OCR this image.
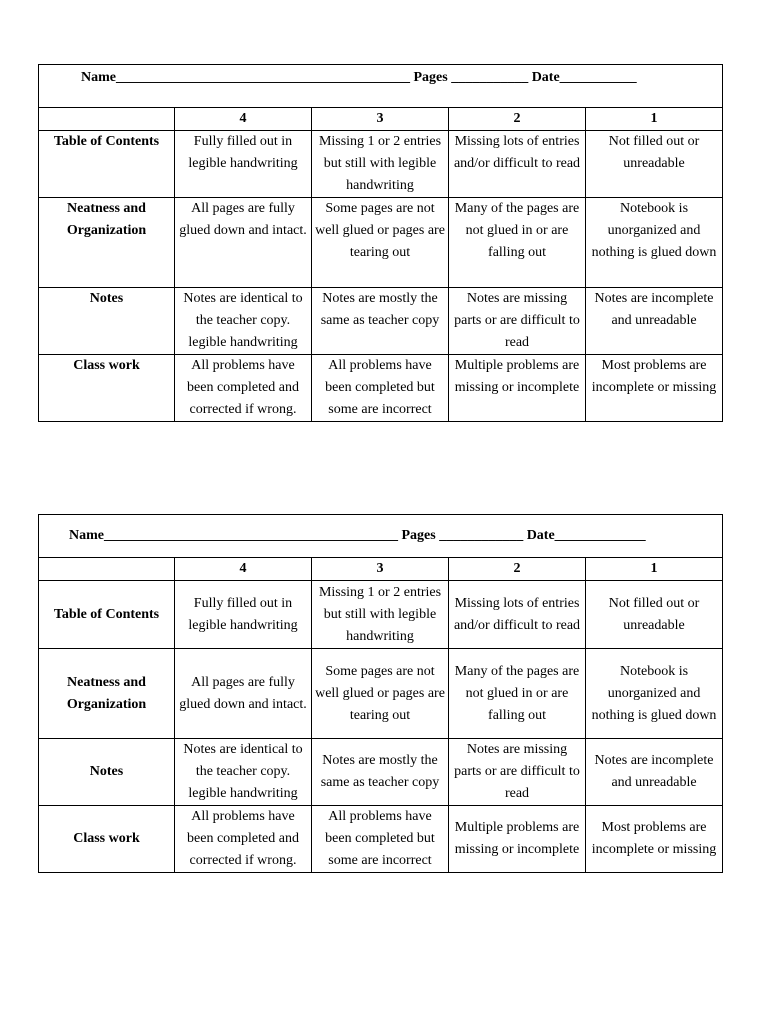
Name__________________________________________ Pages ___________ Date___________				

	4	3	2	1
Table of Contents	Fully filled out in legible handwriting	Missing 1 or 2 entries but still with legible handwriting	Missing lots of entries and/or difficult to read	Not filled out or unreadable
Neatness and Organization	All pages are fully glued down and intact.	Some pages are not well glued or pages are tearing out	Many of the pages are not glued in or are falling out	Notebook is unorganized and nothing is glued down
Notes	Notes are identical to the teacher copy. legible handwriting	Notes are mostly the same as teacher copy	Notes are missing parts or are difficult to read	Notes are incomplete and unreadable
Class work	All problems have been completed and corrected if wrong.	All problems have been completed but some are incorrect	Multiple problems are missing or incomplete	Most problems are incomplete or missing
Name__________________________________________ Pages ____________ Date_____________				

	4	3	2	1
Table of Contents	Fully filled out in legible handwriting	Missing 1 or 2 entries but still with legible handwriting	Missing lots of entries and/or difficult to read	Not filled out or unreadable
Neatness and Organization	All pages are fully glued down and intact.	Some pages are not well glued or pages are tearing out	Many of the pages are not glued in or are falling out	Notebook is unorganized and nothing is glued down
Notes	Notes are identical to the teacher copy. legible handwriting	Notes are mostly the same as teacher copy	Notes are missing parts or are difficult to read	Notes are incomplete and unreadable
Class work	All problems have been completed and corrected if wrong.	All problems have been completed but some are incorrect	Multiple problems are missing or incomplete	Most problems are incomplete or missing
